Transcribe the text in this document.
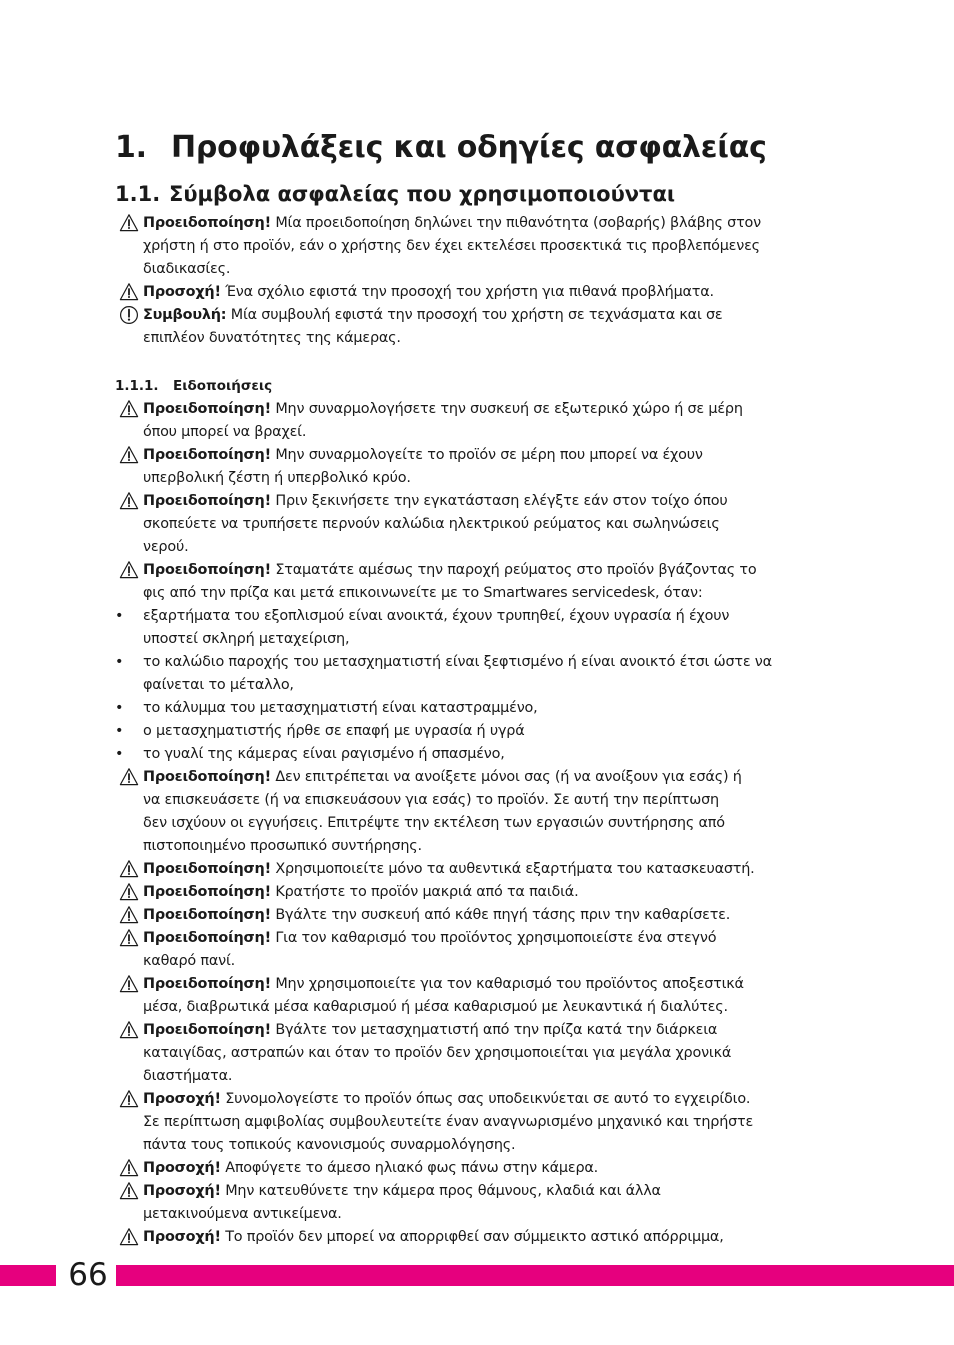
1. Προφυλάξεις και οδηγίες ασφαλείας
1.1. Σύμβολα ασφαλείας που χρησιμοποιούνται
Προειδοποίηση! Μία προειδοποίηση δηλώνει την πιθανότητα (σοβαρής) βλάβης στον
χρήστη ή στο προϊόν, εάν ο χρήστης δεν έχει εκτελέσει προσεκτικά τις προβλεπόμενες
διαδικασίες.
Προσοχή! Ένα σχόλιο εφιστά την προσοχή του χρήστη για πιθανά προβλήματα.
Συμβουλή: Μία συμβουλή εφιστά την προσοχή του χρήστη σε τεχνάσματα και σε
επιπλέον δυνατότητες της κάμερας.
1.1.1. Ειδοποιήσεις
Προειδοποίηση! Μην συναρμολογήσετε την συσκευή σε εξωτερικό χώρο ή σε μέρη
όπου μπορεί να βραχεί.
Προειδοποίηση! Μην συναρμολογείτε το προϊόν σε μέρη που μπορεί να έχουν
υπερβολική ζέστη ή υπερβολικό κρύο.
Προειδοποίηση! Πριν ξεκινήσετε την εγκατάσταση ελέγξτε εάν στον τοίχο όπου
σκοπεύετε να τρυπήσετε περνούν καλώδια ηλεκτρικού ρεύματος και σωληνώσεις
νερού.
Προειδοποίηση! Σταματάτε αμέσως την παροχή ρεύματος στο προϊόν βγάζοντας το
φις από την πρίζα και μετά επικοινωνείτε με το Smartwares servicedesk, όταν:
• εξαρτήματα του εξοπλισμού είναι ανοικτά, έχουν τρυπηθεί, έχουν υγρασία ή έχουν
υποστεί σκληρή μεταχείριση,
• το καλώδιο παροχής του μετασχηματιστή είναι ξεφτισμένο ή είναι ανοικτό έτσι ώστε να
φαίνεται το μέταλλο,
• το κάλυμμα του μετασχηματιστή είναι καταστραμμένο,
• ο μετασχηματιστής ήρθε σε επαφή με υγρασία ή υγρά
• το γυαλί της κάμερας είναι ραγισμένο ή σπασμένο,
Προειδοποίηση! Δεν επιτρέπεται να ανοίξετε μόνοι σας (ή να ανοίξουν για εσάς) ή
να επισκευάσετε (ή να επισκευάσουν για εσάς) το προϊόν. Σε αυτή την περίπτωση
δεν ισχύουν οι εγγυήσεις. Επιτρέψτε την εκτέλεση των εργασιών συντήρησης από
πιστοποιημένο προσωπικό συντήρησης.
Προειδοποίηση! Χρησιμοποιείτε μόνο τα αυθεντικά εξαρτήματα του κατασκευαστή.
Προειδοποίηση! Κρατήστε το προϊόν μακριά από τα παιδιά.
Προειδοποίηση! Βγάλτε την συσκευή από κάθε πηγή τάσης πριν την καθαρίσετε.
Προειδοποίηση! Για τον καθαρισμό του προϊόντος χρησιμοποιείστε ένα στεγνό
καθαρό πανί.
Προειδοποίηση! Μην χρησιμοποιείτε για τον καθαρισμό του προϊόντος αποξεστικά
μέσα, διαβρωτικά μέσα καθαρισμού ή μέσα καθαρισμού με λευκαντικά ή διαλύτες.
Προειδοποίηση! Βγάλτε τον μετασχηματιστή από την πρίζα κατά την διάρκεια
καταιγίδας, αστραπών και όταν το προϊόν δεν χρησιμοποιείται για μεγάλα χρονικά
διαστήματα.
Προσοχή! Συνομολογείστε το προϊόν όπως σας υποδεικνύεται σε αυτό το εγχειρίδιο.
Σε περίπτωση αμφιβολίας συμβουλευτείτε έναν αναγνωρισμένο μηχανικό και τηρήστε
πάντα τους τοπικούς κανονισμούς συναρμολόγησης.
Προσοχή! Αποφύγετε το άμεσο ηλιακό φως πάνω στην κάμερα.
Προσοχή! Μην κατευθύνετε την κάμερα προς θάμνους, κλαδιά και άλλα
μετακινούμενα αντικείμενα.
Προσοχή! Το προϊόν δεν μπορεί να απορριφθεί σαν σύμμεικτο αστικό απόρριμμα,
66
